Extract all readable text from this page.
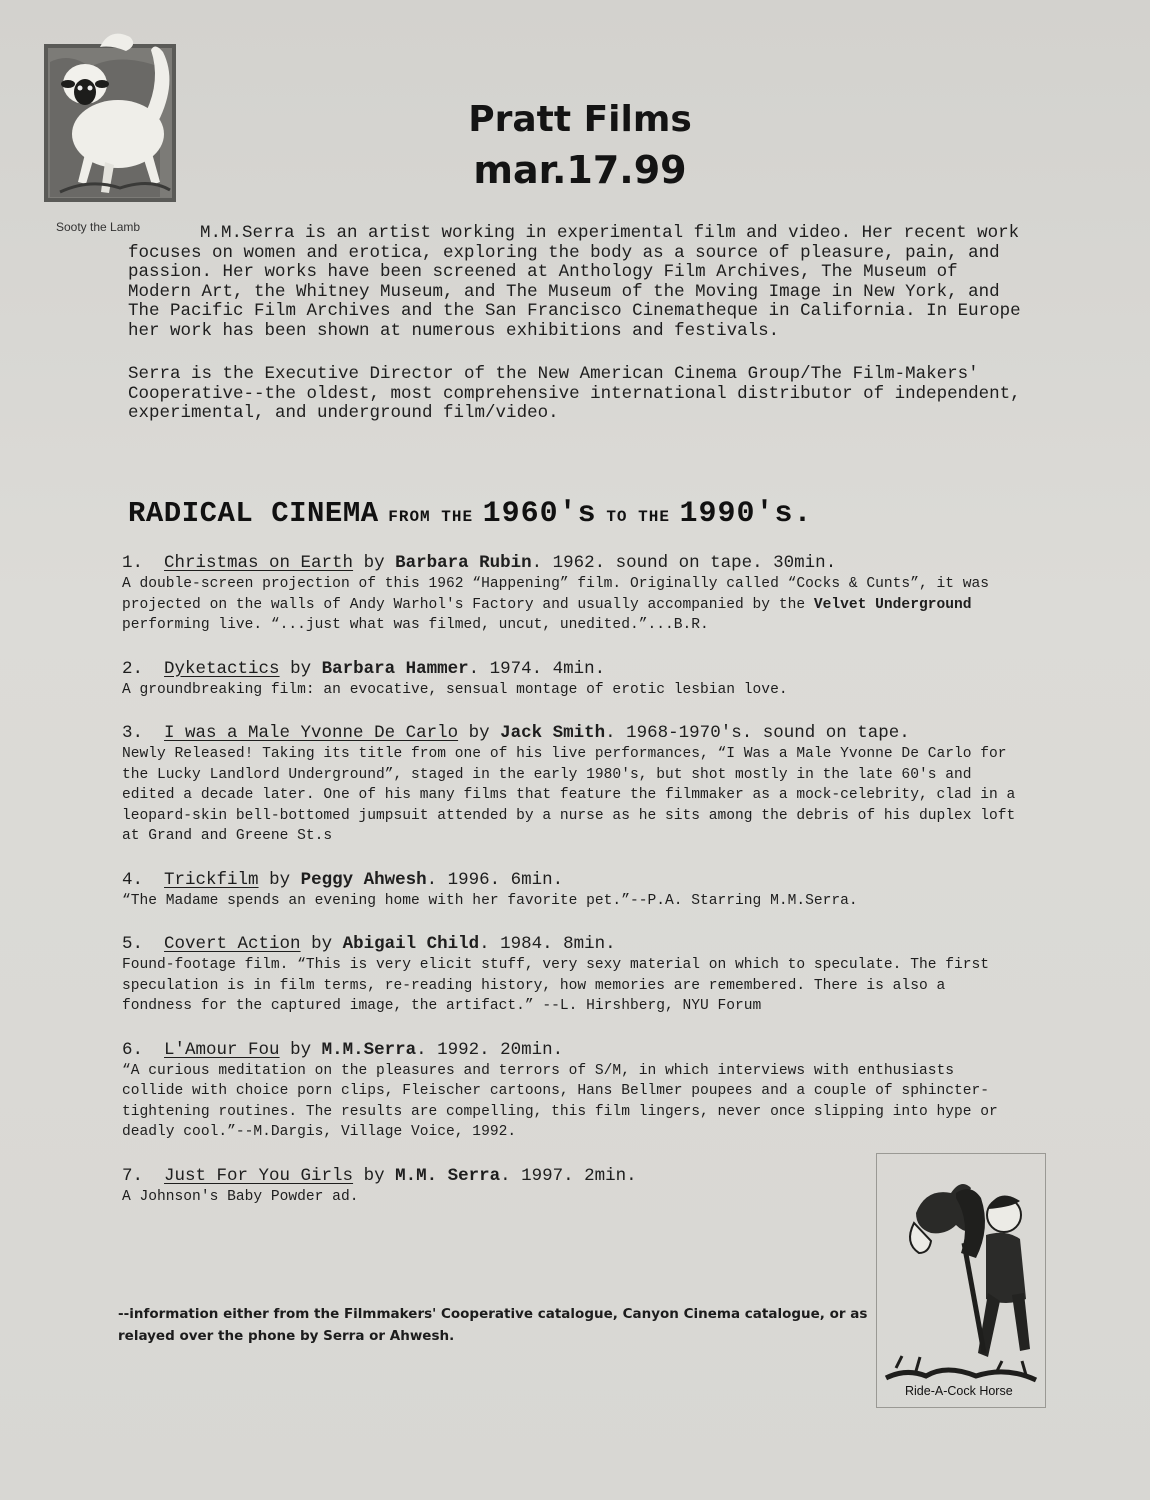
Sooty the Lamb
Pratt Films
mar.17.99

M.M.Serra is an artist working in experimental film and video. Her recent work focuses on women and erotica, exploring the body as a source of pleasure, pain, and passion. Her works have been screened at Anthology Film Archives, The Museum of Modern Art, the Whitney Museum, and The Museum of the Moving Image in New York, and The Pacific Film Archives and the San Francisco Cinematheque in California. In Europe her work has been shown at numerous exhibitions and festivals.

Serra is the Executive Director of the New American Cinema Group/The Film-Makers' Cooperative--the oldest, most comprehensive international distributor of independent, experimental, and underground film/video.

RADICAL CINEMA FROM THE 1960's TO THE 1990's.
1. Christmas on Earth by Barbara Rubin. 1962. sound on tape. 30min.
A double-screen projection of this 1962 “Happening” film. Originally called “Cocks & Cunts”, it was projected on the walls of Andy Warhol's Factory and usually accompanied by the Velvet Underground performing live. “...just what was filmed, uncut, unedited.”...B.R.
2. Dyketactics by Barbara Hammer. 1974. 4min.
A groundbreaking film: an evocative, sensual montage of erotic lesbian love.
3. I was a Male Yvonne De Carlo by Jack Smith. 1968-1970's. sound on tape.
Newly Released! Taking its title from one of his live performances, “I Was a Male Yvonne De Carlo for the Lucky Landlord Underground”, staged in the early 1980's, but shot mostly in the late 60's and edited a decade later. One of his many films that feature the filmmaker as a mock-celebrity, clad in a leopard-skin bell-bottomed jumpsuit attended by a nurse as he sits among the debris of his duplex loft at Grand and Greene St.s
4. Trickfilm by Peggy Ahwesh. 1996. 6min.
“The Madame spends an evening home with her favorite pet.”--P.A. Starring M.M.Serra.
5. Covert Action by Abigail Child. 1984. 8min.
Found-footage film. “This is very elicit stuff, very sexy material on which to speculate. The first speculation is in film terms, re-reading history, how memories are remembered. There is also a fondness for the captured image, the artifact.” --L. Hirshberg, NYU Forum
6. L'Amour Fou by M.M.Serra. 1992. 20min.
“A curious meditation on the pleasures and terrors of S/M, in which interviews with enthusiasts collide with choice porn clips, Fleischer cartoons, Hans Bellmer poupees and a couple of sphincter-tightening routines. The results are compelling, this film lingers, never once slipping into hype or deadly cool.”--M.Dargis, Village Voice, 1992.
7. Just For You Girls by M.M. Serra. 1997. 2min.
A Johnson's Baby Powder ad.
--information either from the Filmmakers' Cooperative catalogue, Canyon Cinema catalogue, or as relayed over the phone by Serra or Ahwesh.
Ride-A-Cock Horse
